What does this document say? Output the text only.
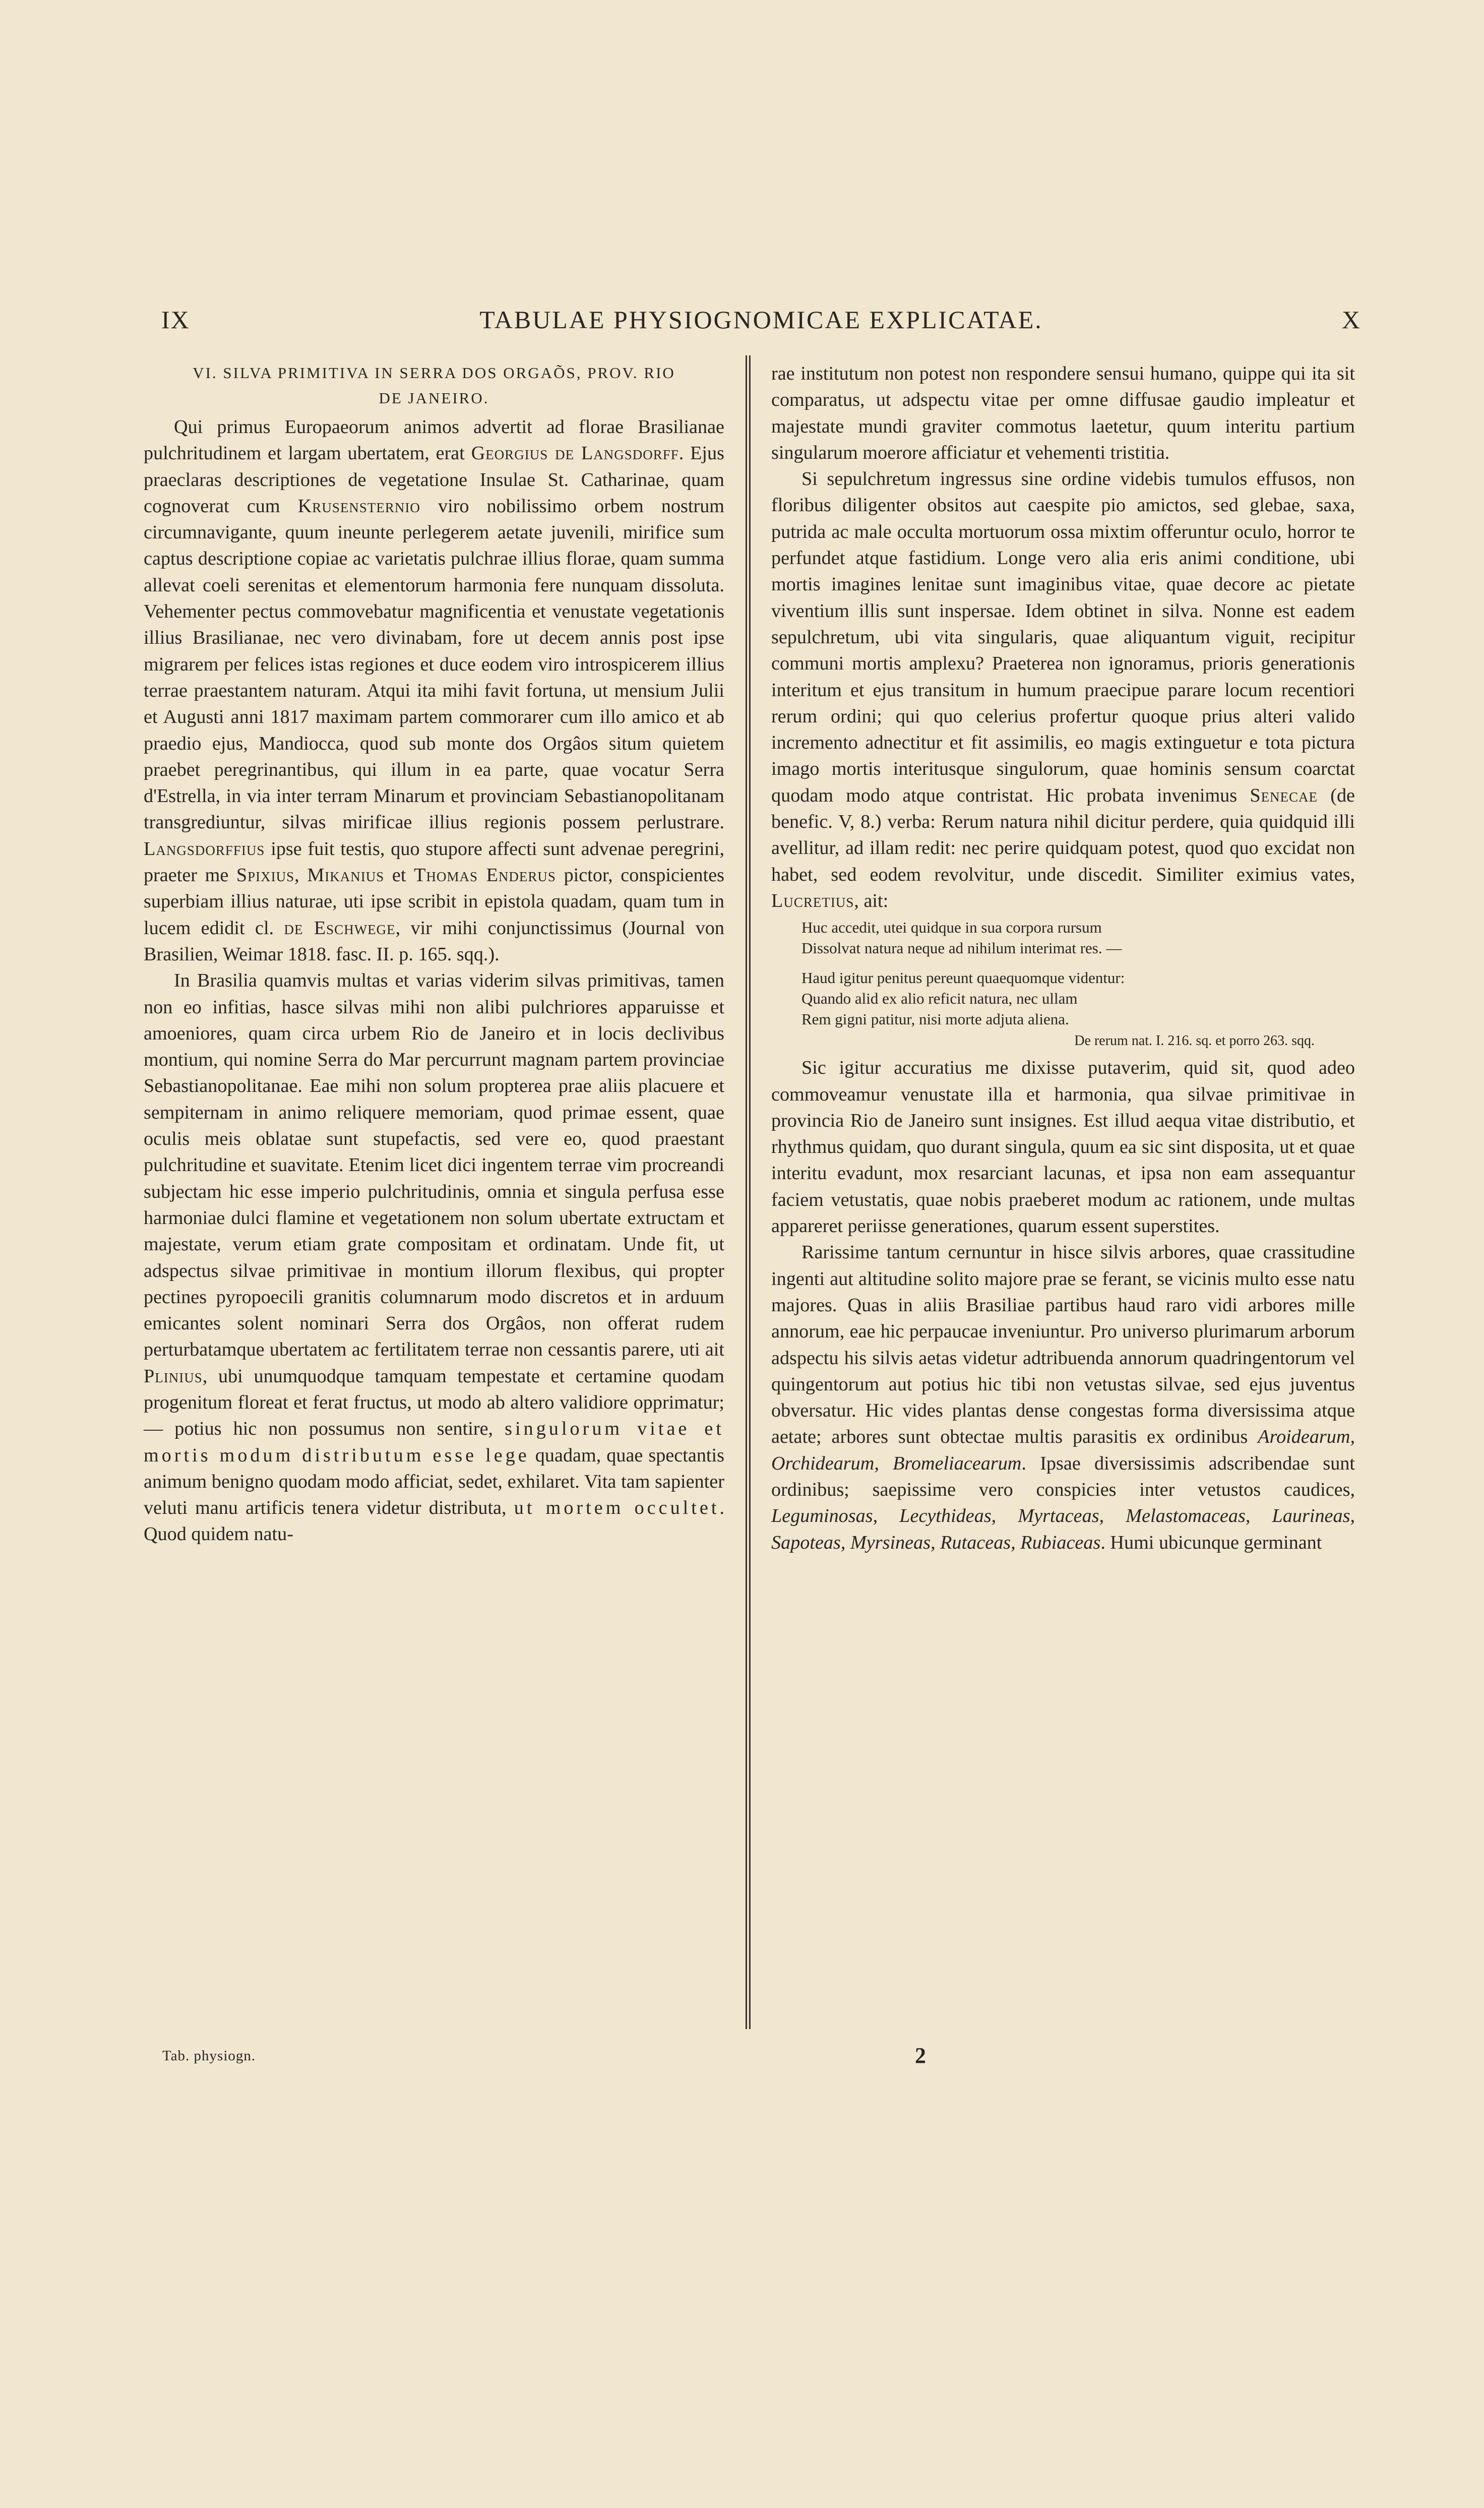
IX	TABULAE PHYSIOGNOMICAE EXPLICATAE.	X
VI. SILVA PRIMITIVA IN SERRA DOS ORGAÕS, PROV. RIO
DE JANEIRO.

Qui primus Europaeorum animos advertit ad florae Brasilianae pulchritudinem et largam ubertatem, erat Georgius de Langsdorff. Ejus praeclaras descriptiones de vegetatione Insulae St. Catharinae, quam cognoverat cum Krusensternio viro nobilissimo orbem nostrum circumnavigante, quum ineunte perlegerem aetate juvenili, mirifice sum captus descriptione copiae ac varietatis pulchrae illius florae, quam summa allevat coeli serenitas et elementorum harmonia fere nunquam dissoluta. Vehementer pectus commovebatur magnificentia et venustate vegetationis illius Brasilianae, nec vero divinabam, fore ut decem annis post ipse migrarem per felices istas regiones et duce eodem viro introspicerem illius terrae praestantem naturam. Atqui ita mihi favit fortuna, ut mensium Julii et Augusti anni 1817 maximam partem commorarer cum illo amico et ab praedio ejus, Mandiocca, quod sub monte dos Orgâos situm quietem praebet peregrinantibus, qui illum in ea parte, quae vocatur Serra d'Estrella, in via inter terram Minarum et provinciam Sebastianopolitanam transgrediuntur, silvas mirificae illius regionis possem perlustrare. Langsdorffius ipse fuit testis, quo stupore affecti sunt advenae peregrini, praeter me Spixius, Mikanius et Thomas Enderus pictor, conspicientes superbiam illius naturae, uti ipse scribit in epistola quadam, quam tum in lucem edidit cl. de Eschwege, vir mihi conjunctissimus (Journal von Brasilien, Weimar 1818. fasc. II. p. 165. sqq.).

In Brasilia quamvis multas et varias viderim silvas primitivas, tamen non eo infitias, hasce silvas mihi non alibi pulchriores apparuisse et amoeniores, quam circa urbem Rio de Janeiro et in locis declivibus montium, qui nomine Serra do Mar percurrunt magnam partem provinciae Sebastianopolitanae. Eae mihi non solum propterea prae aliis placuere et sempiternam in animo reliquere memoriam, quod primae essent, quae oculis meis oblatae sunt stupefactis, sed vere eo, quod praestant pulchritudine et suavitate. Etenim licet dici ingentem terrae vim procreandi subjectam hic esse imperio pulchritudinis, omnia et singula perfusa esse harmoniae dulci flamine et vegetationem non solum ubertate extructam et majestate, verum etiam grate compositam et ordinatam. Unde fit, ut adspectus silvae primitivae in montium illorum flexibus, qui propter pectines pyropoecili granitis columnarum modo discretos et in arduum emicantes solent nominari Serra dos Orgâos, non offerat rudem perturbatamque ubertatem ac fertilitatem terrae non cessantis parere, uti ait Plinius, ubi unumquodque tamquam tempestate et certamine quodam progenitum floreat et ferat fructus, ut modo ab altero validiore opprimatur; — potius hic non possumus non sentire, singulorum vitae et mortis modum distributum esse lege quadam, quae spectantis animum benigno quodam modo afficiat, sedet, exhilaret. Vita tam sapienter veluti manu artificis tenera videtur distributa, ut mortem occultet. Quod quidem natu-

rae institutum non potest non respondere sensui humano, quippe qui ita sit comparatus, ut adspectu vitae per omne diffusae gaudio impleatur et majestate mundi graviter commotus laetetur, quum interitu partium singularum moerore afficiatur et vehementi tristitia.

Si sepulchretum ingressus sine ordine videbis tumulos effusos, non floribus diligenter obsitos aut caespite pio amictos, sed glebae, saxa, putrida ac male occulta mortuorum ossa mixtim offeruntur oculo, horror te perfundet atque fastidium. Longe vero alia eris animi conditione, ubi mortis imagines lenitae sunt imaginibus vitae, quae decore ac pietate viventium illis sunt inspersae. Idem obtinet in silva. Nonne est eadem sepulchretum, ubi vita singularis, quae aliquantum viguit, recipitur communi mortis amplexu? Praeterea non ignoramus, prioris generationis interitum et ejus transitum in humum praecipue parare locum recentiori rerum ordini; qui quo celerius profertur quoque prius alteri valido incremento adnectitur et fit assimilis, eo magis extinguetur e tota pictura imago mortis interitusque singulorum, quae hominis sensum coarctat quodam modo atque contristat. Hic probata invenimus Senecae (de benefic. V, 8.) verba: Rerum natura nihil dicitur perdere, quia quidquid illi avellitur, ad illam redit: nec perire quidquam potest, quod quo excidat non habet, sed eodem revolvitur, unde discedit. Similiter eximius vates, Lucretius, ait:

Huc accedit, utei quidque in sua corpora rursum
Dissolvat natura neque ad nihilum interimat res. —
Haud igitur penitus pereunt quaequomque videntur:
Quando alid ex alio reficit natura, nec ullam
Rem gigni patitur, nisi morte adjuta aliena.
De rerum nat. I. 216. sq. et porro 263. sqq.

Sic igitur accuratius me dixisse putaverim, quid sit, quod adeo commoveamur venustate illa et harmonia, qua silvae primitivae in provincia Rio de Janeiro sunt insignes. Est illud aequa vitae distributio, et rhythmus quidam, quo durant singula, quum ea sic sint disposita, ut et quae interitu evadunt, mox resarciant lacunas, et ipsa non eam assequantur faciem vetustatis, quae nobis praeberet modum ac rationem, unde multas appareret periisse generationes, quarum essent superstites.

Rarissime tantum cernuntur in hisce silvis arbores, quae crassitudine ingenti aut altitudine solito majore prae se ferant, se vicinis multo esse natu majores. Quas in aliis Brasiliae partibus haud raro vidi arbores mille annorum, eae hic perpaucae inveniuntur. Pro universo plurimarum arborum adspectu his silvis aetas videtur adtribuenda annorum quadringentorum vel quingentorum aut potius hic tibi non vetustas silvae, sed ejus juventus obversatur. Hic vides plantas dense congestas forma diversissima atque aetate; arbores sunt obtectae multis parasitis ex ordinibus Aroidearum, Orchidearum, Bromeliacearum. Ipsae diversissimis adscribendae sunt ordinibus; saepissime vero conspicies inter vetustos caudices, Leguminosas, Lecythideas, Myrtaceas, Melastomaceas, Laurineas, Sapoteas, Myrsineas, Rutaceas, Rubiaceas. Humi ubicunque germinant

Tab. physiogn.	2
